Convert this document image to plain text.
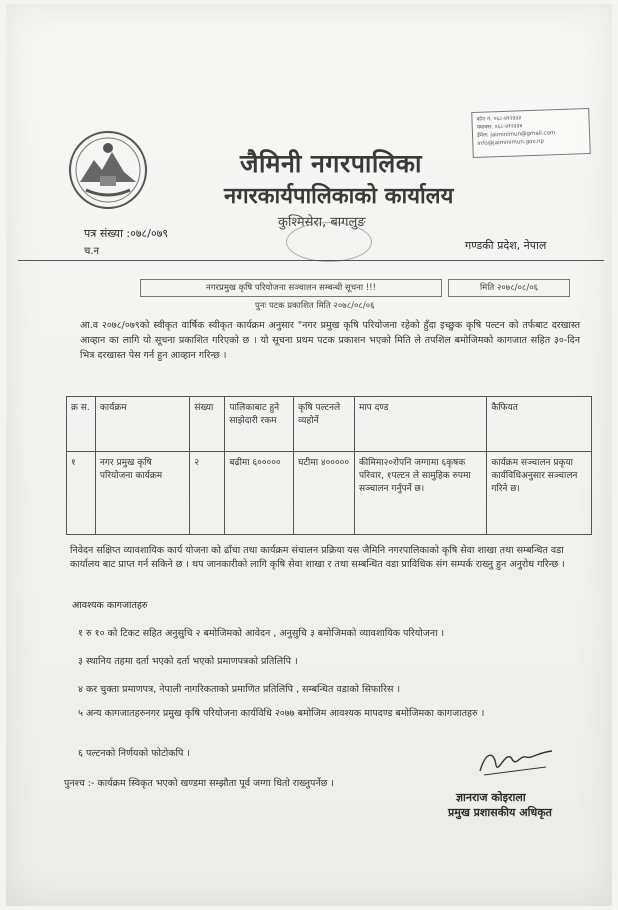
फोन नं. ०६८-४१२३३३
फ्याक्स: ०६८-४१२३३४
ईमेल: jaiminimun@gmail.com
info@jaiminimun.gov.np
जैमिनी नगरपालिका
नगरकार्यपालिकाको कार्यालय
कुश्मिसेरा, बागलुङ
पत्र संख्या :०७८/०७९
च.न	गण्डकी प्रदेश, नेपाल
नगरप्रमुख कृषि परियोजना सञ्चालन सम्बन्धी सूचना !!!	मिति २०७८/०८/०६
पुनः पटक प्रकाशित मिति २०७८/०८/०६
आ.व २०७८/०७९को स्वीकृत वार्षिक स्वीकृत कार्यक्रम अनुसार "नगर प्रमुख कृषि परियोजना रहेको हुँदा इच्छुक कृषि पल्टन को तर्फबाट दरखास्त आव्हान का लागि यो सूचना प्रकाशित गरिएको छ । यो सूचना प्रथम पटक प्रकाशन भएको मिति ले तपशिल बमोजिमको कागजात सहित ३०-दिन भित्र दरखास्त पेस गर्न हुन आव्हान गरिन्छ ।
क्र स.	कार्यक्रम	संख्या	पालिकाबाट हुने साझेदारी रकम	कृषि पल्टनले व्यहोर्ने	माप दण्ड	कैफियत
१	नगर प्रमुख कृषि परियोजना कार्यक्रम	२	बढीमा ६०००००	घटीमा ४०००००	कीमिमा२०रोपनि जग्गामा ६कृषक परिवार, १पल्टन ले सामुहिक रुपमा सञ्चालन गर्नुपर्ने छ।	कार्यक्रम सञ्चालन प्रकृया कार्यविधिअनुसार सञ्चालन गरिने छ।
निवेदन सक्षिप्त व्यावशायिक कार्य योजना को ढाँचा तथा कार्यक्रम संचालन प्रक्रिया यस जैमिनि नगरपालिकाको कृषि सेवा शाखा तथा सम्बन्धित वडा कार्यालय बाट प्राप्त गर्न सकिने छ । थप जानकारीको लागि कृषि सेवा शाखा र तथा सम्बन्धित वडा प्राविधिक संग सम्पर्क राख्नु हुन अनुरोध गरिन्छ ।
आवश्यक कागजातहरु
१ रु १० को टिकट सहित अनुसुचि २ बमोजिमको आवेदन , अनुसुचि ३ बमोजिमको व्यावशायिक परियोजना ।
३ स्थानिय तहमा दर्ता भएको दर्ता भएको प्रमाणपत्रको प्रतिलिपि ।
४ कर चुक्ता प्रमाणपत्र, नेपाली नागरिकताको प्रमाणित प्रतिलिपि , सम्बन्धित वडाको सिफारिस ।
५ अन्य कागजातहरुनगर प्रमुख कृषि परियोजना कार्यविधि २०७७ बमोजिम आवश्यक मापदण्ड बमोजिमका कागजातहरु ।
६ पल्टनको निर्णयको फोटोकपि ।
पुनश्च :- कार्यक्रम स्विकृत भएको खण्डमा सम्झौता पूर्व जग्गा धितो राख्नुपर्नेछ ।
ज्ञानराज कोइराला
प्रमुख प्रशासकीय अधिकृत
